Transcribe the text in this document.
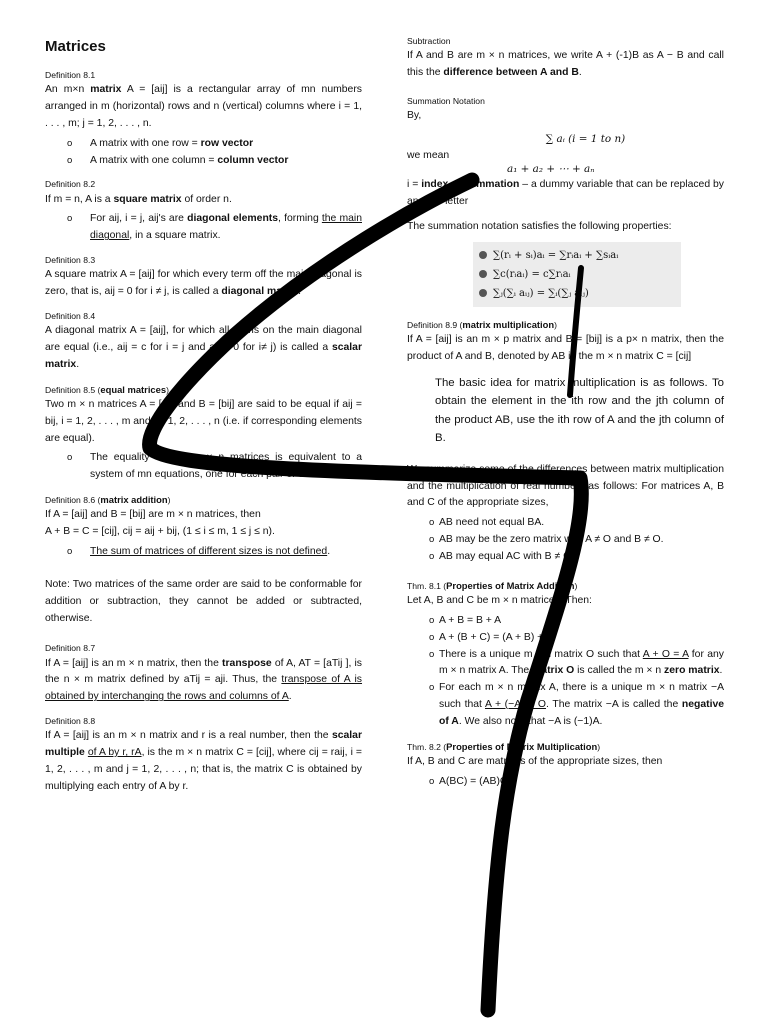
Matrices
Definition 8.1

An m×n matrix A = [aij] is a rectangular array of mn numbers arranged in m (horizontal) rows and n (vertical) columns where i = 1, . . . , m; j = 1, 2, . . . , n.

o A matrix with one row = row vector
o A matrix with one column = column vector
Definition 8.2

If m = n, A is a square matrix of order n.

o For aij, i = j, aij's are diagonal elements, forming the main diagonal, in a square matrix.
Definition 8.3

A square matrix A = [aij] for which every term off the main diagonal is zero, that is, aij = 0 for i ≠ j, is called a diagonal matrix.

Definition 8.4

A diagonal matrix A = [aij], for which all terms on the main diagonal are equal (i.e., aij = c for i = j and aij = 0 for i≠ j) is called a scalar matrix.

Definition 8.5 (equal matrices)

Two m × n matrices A = [aij] and B = [bij] are said to be equal if aij = bij, i = 1, 2, . . . , m and j = 1, 2, . . . , n (i.e. if corresponding elements are equal).

o The equality of two m × n matrices is equivalent to a system of mn equations, one for each pair of elements.
Definition 8.6 (matrix addition)

If A = [aij] and B = [bij] are m × n matrices, then

A + B = C = [cij], cij = aij + bij, (1 ≤ i ≤ m, 1 ≤ j ≤ n).

o The sum of matrices of different sizes is not defined.

Note: Two matrices of the same order are said to be conformable for addition or subtraction, they cannot be added or subtracted, otherwise.

Definition 8.7

If A = [aij] is an m × n matrix, then the transpose of A, AT = [aTij ], is the n × m matrix defined by aTij = aji. Thus, the transpose of A is obtained by interchanging the rows and columns of A.

Definition 8.8

If A = [aij] is an m × n matrix and r is a real number, then the scalar multiple of A by r, rA, is the m × n matrix C = [cij], where cij = raij, i = 1, 2, . . . , m and j = 1, 2, . . . , n; that is, the matrix C is obtained by multiplying each entry of A by r.

Subtraction

If A and B are m × n matrices, we write A + (-1)B as A − B and call this the difference between A and B.

Summation Notation

By,

∑ aᵢ (i = 1 to n)

we mean

a₁ + a₂ + ⋯ + aₙ

i = index of summation – a dummy variable that can be replaced by another letter

The summation notation satisfies the following properties:

∑(rᵢ + sᵢ)aᵢ = ∑rᵢaᵢ + ∑sᵢaᵢ
∑c(rᵢaᵢ) = c∑rᵢaᵢ
∑ⱼ(∑ᵢ aᵢⱼ) = ∑ᵢ(∑ⱼ aᵢⱼ)
Definition 8.9 (matrix multiplication)

If A = [aij] is an m × p matrix and B = [bij] is a p× n matrix, then the product of A and B, denoted by AB is the m × n matrix C = [cij]

The basic idea for matrix multiplication is as follows. To obtain the element in the ith row and the jth column of the product AB, use the ith row of A and the jth column of B.

We summarize some of the differences between matrix multiplication and the multiplication of real numbers as follows: For matrices A, B and C of the appropriate sizes,

o AB need not equal BA.
o AB may be the zero matrix with A ≠ O and B ≠ O.
o AB may equal AC with B ≠ C.
Thm. 8.1 (Properties of Matrix Addition)

Let A, B and C be m × n matrices. Then:

o A + B = B + A
o A + (B + C) = (A + B) + C
o There is a unique m × n matrix O such that A + O = A for any m × n matrix A. The matrix O is called the m × n zero matrix.
o For each m × n matrix A, there is a unique m × n matrix −A such that A + (−A) = O. The matrix −A is called the negative of A. We also note that −A is (−1)A.
Thm. 8.2 (Properties of Matrix Multiplication)

If A, B and C are matrices of the appropriate sizes, then

o A(BC) = (AB)C.
